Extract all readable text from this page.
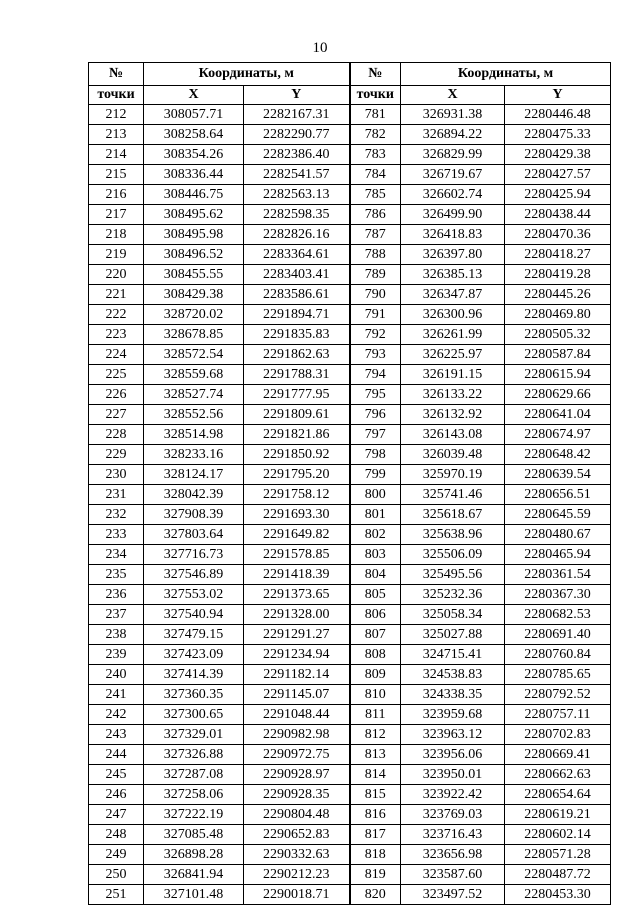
10
№	Координаты, м		№	Координаты, м	
точки	X	Y	точки	X	Y
212	308057.71	2282167.31	781	326931.38	2280446.48
213	308258.64	2282290.77	782	326894.22	2280475.33
214	308354.26	2282386.40	783	326829.99	2280429.38
215	308336.44	2282541.57	784	326719.67	2280427.57
216	308446.75	2282563.13	785	326602.74	2280425.94
217	308495.62	2282598.35	786	326499.90	2280438.44
218	308495.98	2282826.16	787	326418.83	2280470.36
219	308496.52	2283364.61	788	326397.80	2280418.27
220	308455.55	2283403.41	789	326385.13	2280419.28
221	308429.38	2283586.61	790	326347.87	2280445.26
222	328720.02	2291894.71	791	326300.96	2280469.80
223	328678.85	2291835.83	792	326261.99	2280505.32
224	328572.54	2291862.63	793	326225.97	2280587.84
225	328559.68	2291788.31	794	326191.15	2280615.94
226	328527.74	2291777.95	795	326133.22	2280629.66
227	328552.56	2291809.61	796	326132.92	2280641.04
228	328514.98	2291821.86	797	326143.08	2280674.97
229	328233.16	2291850.92	798	326039.48	2280648.42
230	328124.17	2291795.20	799	325970.19	2280639.54
231	328042.39	2291758.12	800	325741.46	2280656.51
232	327908.39	2291693.30	801	325618.67	2280645.59
233	327803.64	2291649.82	802	325638.96	2280480.67
234	327716.73	2291578.85	803	325506.09	2280465.94
235	327546.89	2291418.39	804	325495.56	2280361.54
236	327553.02	2291373.65	805	325232.36	2280367.30
237	327540.94	2291328.00	806	325058.34	2280682.53
238	327479.15	2291291.27	807	325027.88	2280691.40
239	327423.09	2291234.94	808	324715.41	2280760.84
240	327414.39	2291182.14	809	324538.83	2280785.65
241	327360.35	2291145.07	810	324338.35	2280792.52
242	327300.65	2291048.44	811	323959.68	2280757.11
243	327329.01	2290982.98	812	323963.12	2280702.83
244	327326.88	2290972.75	813	323956.06	2280669.41
245	327287.08	2290928.97	814	323950.01	2280662.63
246	327258.06	2290928.35	815	323922.42	2280654.64
247	327222.19	2290804.48	816	323769.03	2280619.21
248	327085.48	2290652.83	817	323716.43	2280602.14
249	326898.28	2290332.63	818	323656.98	2280571.28
250	326841.94	2290212.23	819	323587.60	2280487.72
251	327101.48	2290018.71	820	323497.52	2280453.30
